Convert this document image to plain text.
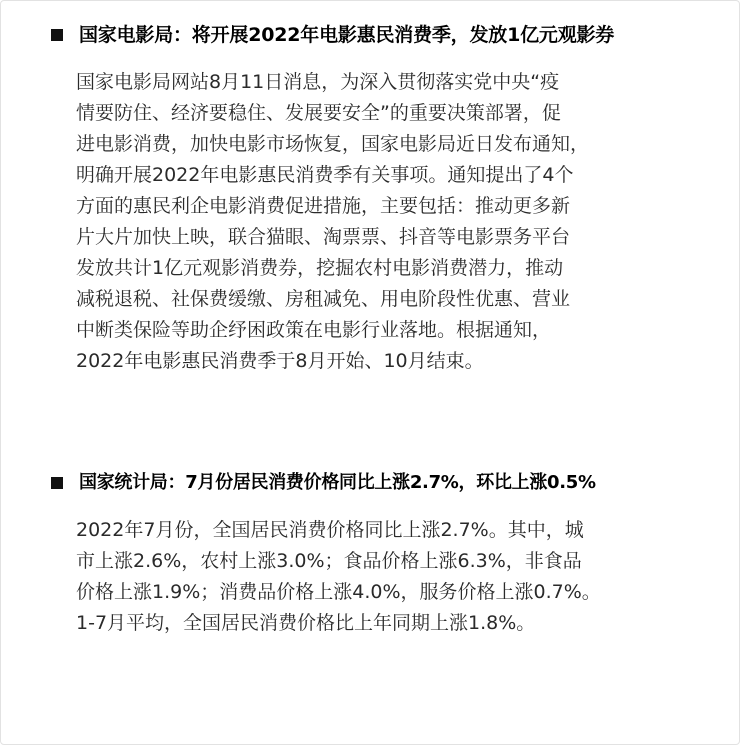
国家电影局：将开展2022年电影惠民消费季，发放1亿元观影券
国家电影局网站8月11日消息，为深入贯彻落实党中央“疫
情要防住、经济要稳住、发展要安全”的重要决策部署，促
进电影消费，加快电影市场恢复，国家电影局近日发布通知，
明确开展2022年电影惠民消费季有关事项。通知提出了4个
方面的惠民利企电影消费促进措施，主要包括：推动更多新
片大片加快上映，联合猫眼、淘票票、抖音等电影票务平台
发放共计1亿元观影消费券，挖掘农村电影消费潜力，推动
减税退税、社保费缓缴、房租减免、用电阶段性优惠、营业
中断类保险等助企纾困政策在电影行业落地。根据通知，
2022年电影惠民消费季于8月开始、10月结束。
国家统计局：7月份居民消费价格同比上涨2.7%，环比上涨0.5%
2022年7月份，全国居民消费价格同比上涨2.7%。其中，城
市上涨2.6%，农村上涨3.0%；食品价格上涨6.3%，非食品
价格上涨1.9%；消费品价格上涨4.0%，服务价格上涨0.7%。
1-7月平均，全国居民消费价格比上年同期上涨1.8%。
